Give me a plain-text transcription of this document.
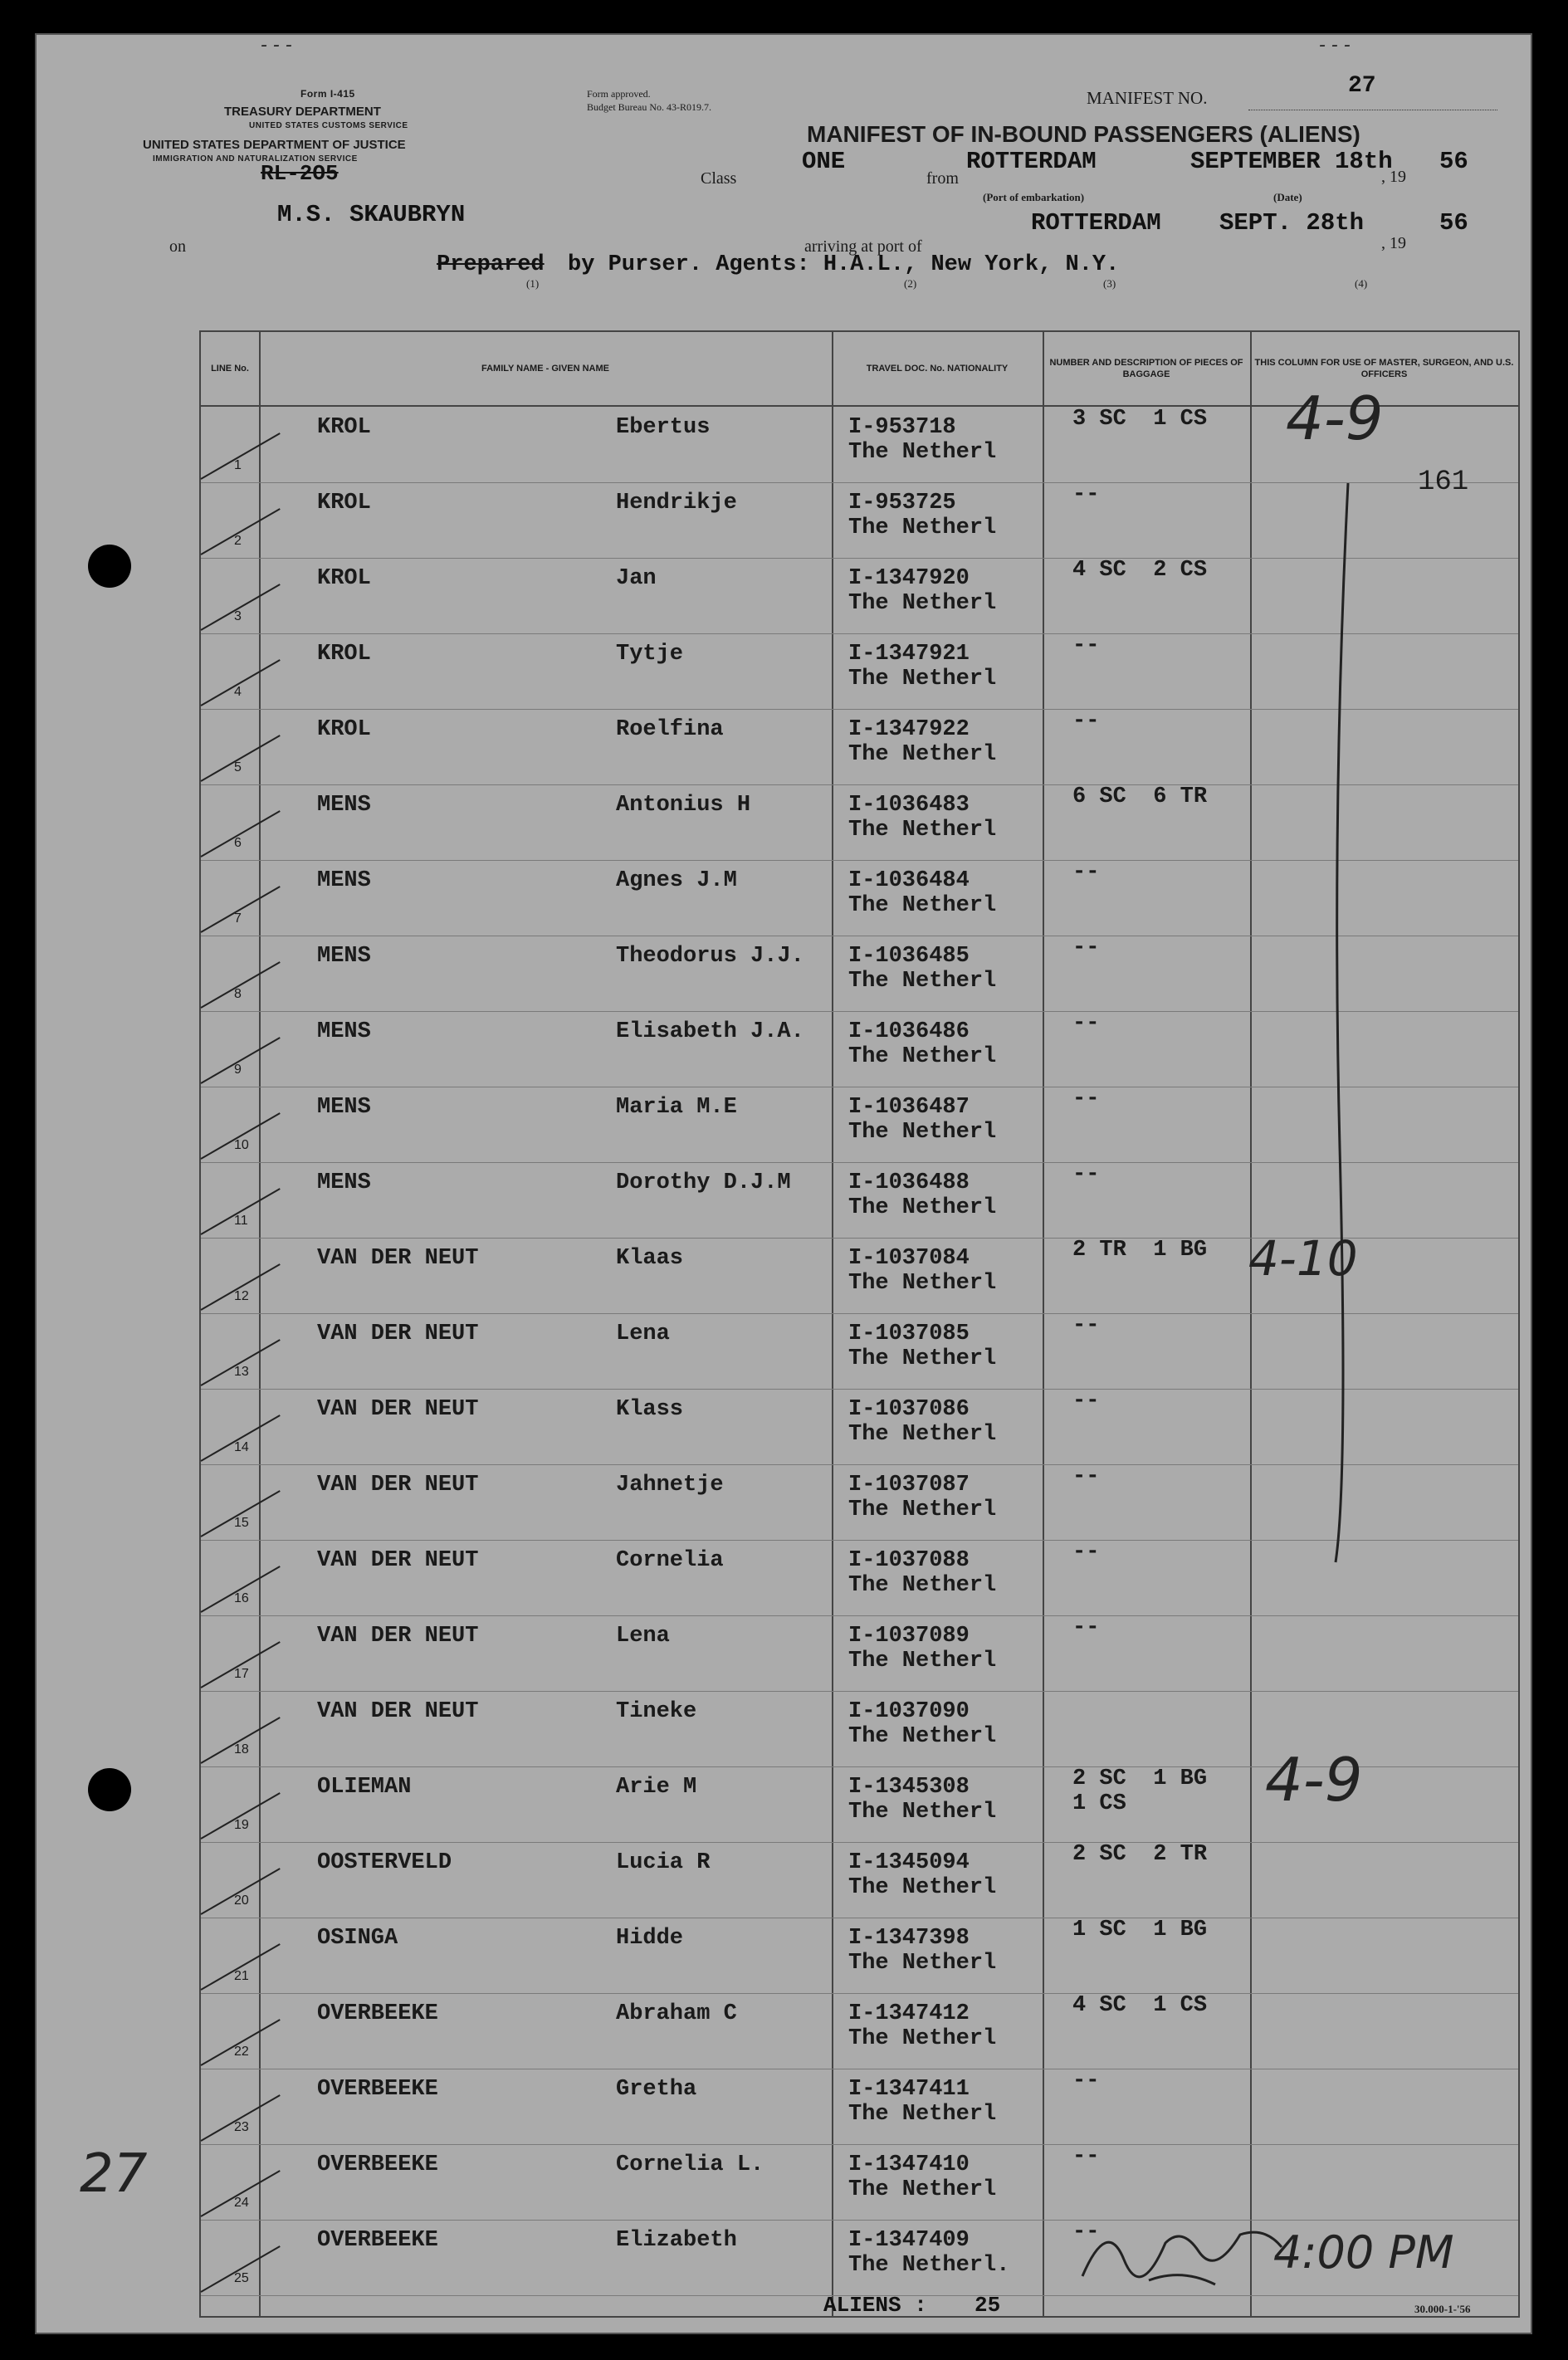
- - -	- - -
Form I-415
TREASURY DEPARTMENT
UNITED STATES CUSTOMS SERVICE
UNITED STATES DEPARTMENT OF JUSTICE
IMMIGRATION AND NATURALIZATION SERVICE
RL-2O5
Form approved.
Budget Bureau No. 43-R019.7.	MANIFEST NO.	27
MANIFEST OF IN-BOUND PASSENGERS (ALIENS)
Class
ONE
from
ROTTERDAM	SEPTEMBER 18th
, 19
56
(Port of embarkation)	(Date)
on
M.S. SKAUBRYN
arriving at port of
ROTTERDAM SEPT. 28th
, 19
56
Prepared by Purser. Agents: H.A.L., New York, N.Y.
(1)	(2)	(3)	(4)
LINE No.	FAMILY NAME - GIVEN NAME	TRAVEL DOC. No. NATIONALITY
NUMBER AND DESCRIPTION OF PIECES OF BAGGAGE
THIS COLUMN FOR USE OF MASTER, SURGEON, AND U.S. OFFICERS
1
KROL	Ebertus	I-953718
The Netherl
3 SC  1 CS
2
KROL	Hendrikje	I-953725
The Netherl
--
3
KROL	Jan	I-1347920
The Netherl
4 SC  2 CS
4
KROL	Tytje	I-1347921
The Netherl
--
5
KROL	Roelfina	I-1347922
The Netherl
--
6
MENS	Antonius H	I-1036483
The Netherl
6 SC  6 TR
7
MENS	Agnes J.M	I-1036484
The Netherl
--
8
MENS	Theodorus J.J. I-1036485
The Netherl
--
9
MENS	Elisabeth J.A. I-1036486
The Netherl
--
10
MENS	Maria M.E	I-1036487
The Netherl
--
11
MENS	Dorothy D.J.M	I-1036488
The Netherl
--
12
VAN DER NEUT	Klaas	I-1037084
The Netherl
2 TR  1 BG
13
VAN DER NEUT	Lena	I-1037085
The Netherl
--
14
VAN DER NEUT	Klass	I-1037086
The Netherl
--
15
VAN DER NEUT	Jahnetje	I-1037087
The Netherl
--
16
VAN DER NEUT	Cornelia	I-1037088
The Netherl
--
17
VAN DER NEUT	Lena	I-1037089
The Netherl
--
18
VAN DER NEUT	Tineke	I-1037090
The Netherl
19
OLIEMAN	Arie M	I-1345308
The Netherl
2 SC  1 BG
1 CS
20
OOSTERVELD	Lucia R	I-1345094
The Netherl
2 SC  2 TR
21
OSINGA	Hidde	I-1347398
The Netherl
1 SC  1 BG
22
OVERBEEKE	Abraham C	I-1347412
The Netherl
4 SC  1 CS
23
OVERBEEKE	Gretha	I-1347411
The Netherl
--
24
OVERBEEKE	Cornelia L.	I-1347410
The Netherl
--
25
OVERBEEKE	Elizabeth	I-1347409
The Netherl.
--
4-9
161
4-10
4-9
27
4:00 PM
ALIENS : 25	30.000-1-'56
